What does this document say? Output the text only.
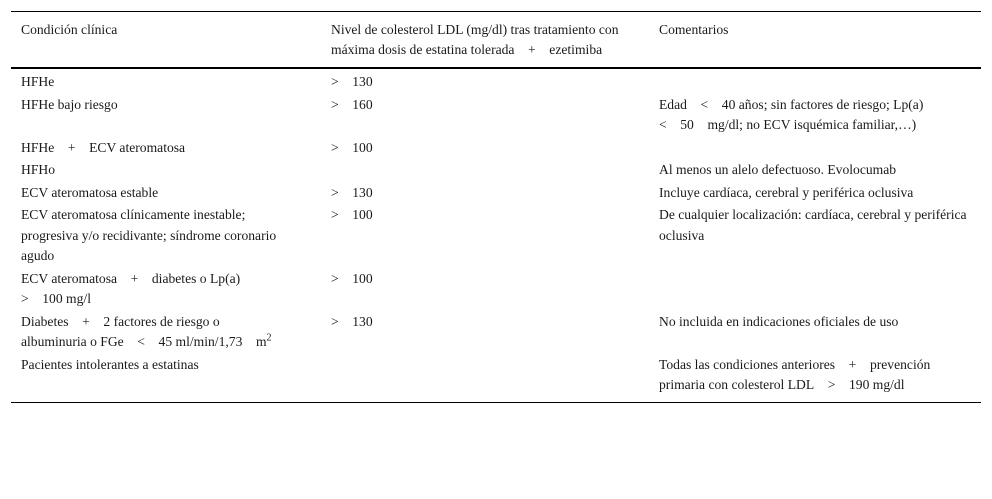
Condición clínica	Nivel de colesterol LDL (mg/dl) tras tratamiento con máxima dosis de estatina tolerada + ezetimiba	Comentarios
HFHe	> 130	
HFHe bajo riesgo	> 160	Edad < 40 años; sin factores de riesgo; Lp(a) < 50 mg/dl; no ECV isquémica familiar,…)
HFHe + ECV ateromatosa	> 100	
HFHo		Al menos un alelo defectuoso. Evolocumab
ECV ateromatosa estable	> 130	Incluye cardíaca, cerebral y periférica oclusiva
ECV ateromatosa clínicamente inestable; progresiva y/o recidivante; síndrome coronario agudo	> 100	De cualquier localización: cardíaca, cerebral y periférica oclusiva
ECV ateromatosa + diabetes o Lp(a) > 100 mg/l	> 100	
Diabetes + 2 factores de riesgo o albuminuria o FGe < 45 ml/min/1,73 $m^2$	> 130	No incluida en indicaciones oficiales de uso
Pacientes intolerantes a estatinas		Todas las condiciones anteriores + prevención primaria con colesterol LDL > 190 mg/dl
